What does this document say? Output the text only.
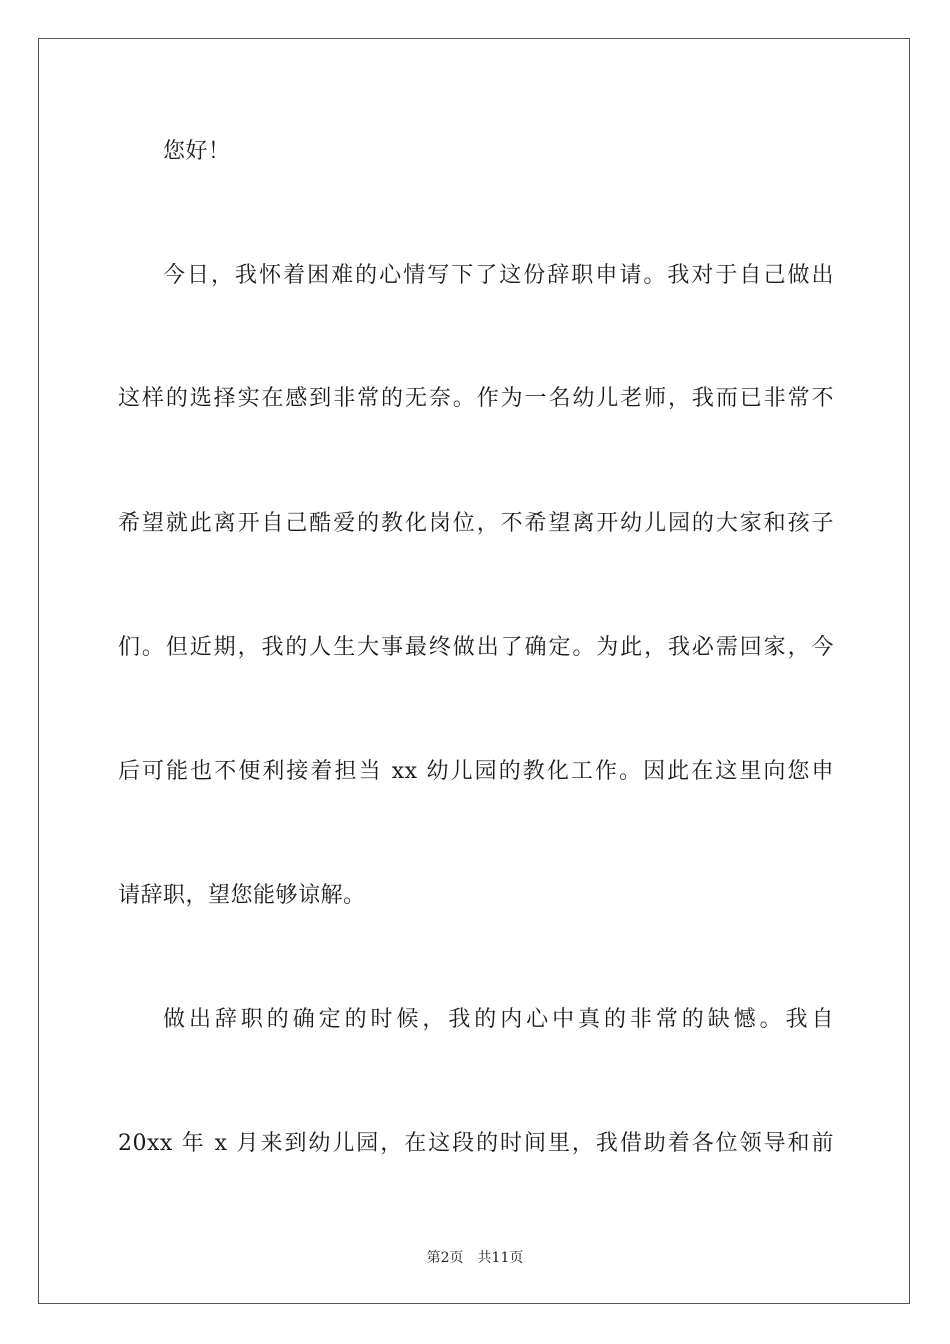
您好！
今日，我怀着困难的心情写下了这份辞职申请。我对于自己做出
这样的选择实在感到非常的无奈。作为一名幼儿老师，我而已非常不
希望就此离开自己酷爱的教化岗位，不希望离开幼儿园的大家和孩子
们。但近期，我的人生大事最终做出了确定。为此，我必需回家，今
后可能也不便利接着担当 xx 幼儿园的教化工作。因此在这里向您申
请辞职，望您能够谅解。
做出辞职的确定的时候，我的内心中真的非常的缺憾。我自
20xx 年 x 月来到幼儿园，在这段的时间里，我借助着各位领导和前
第2页 共11页
